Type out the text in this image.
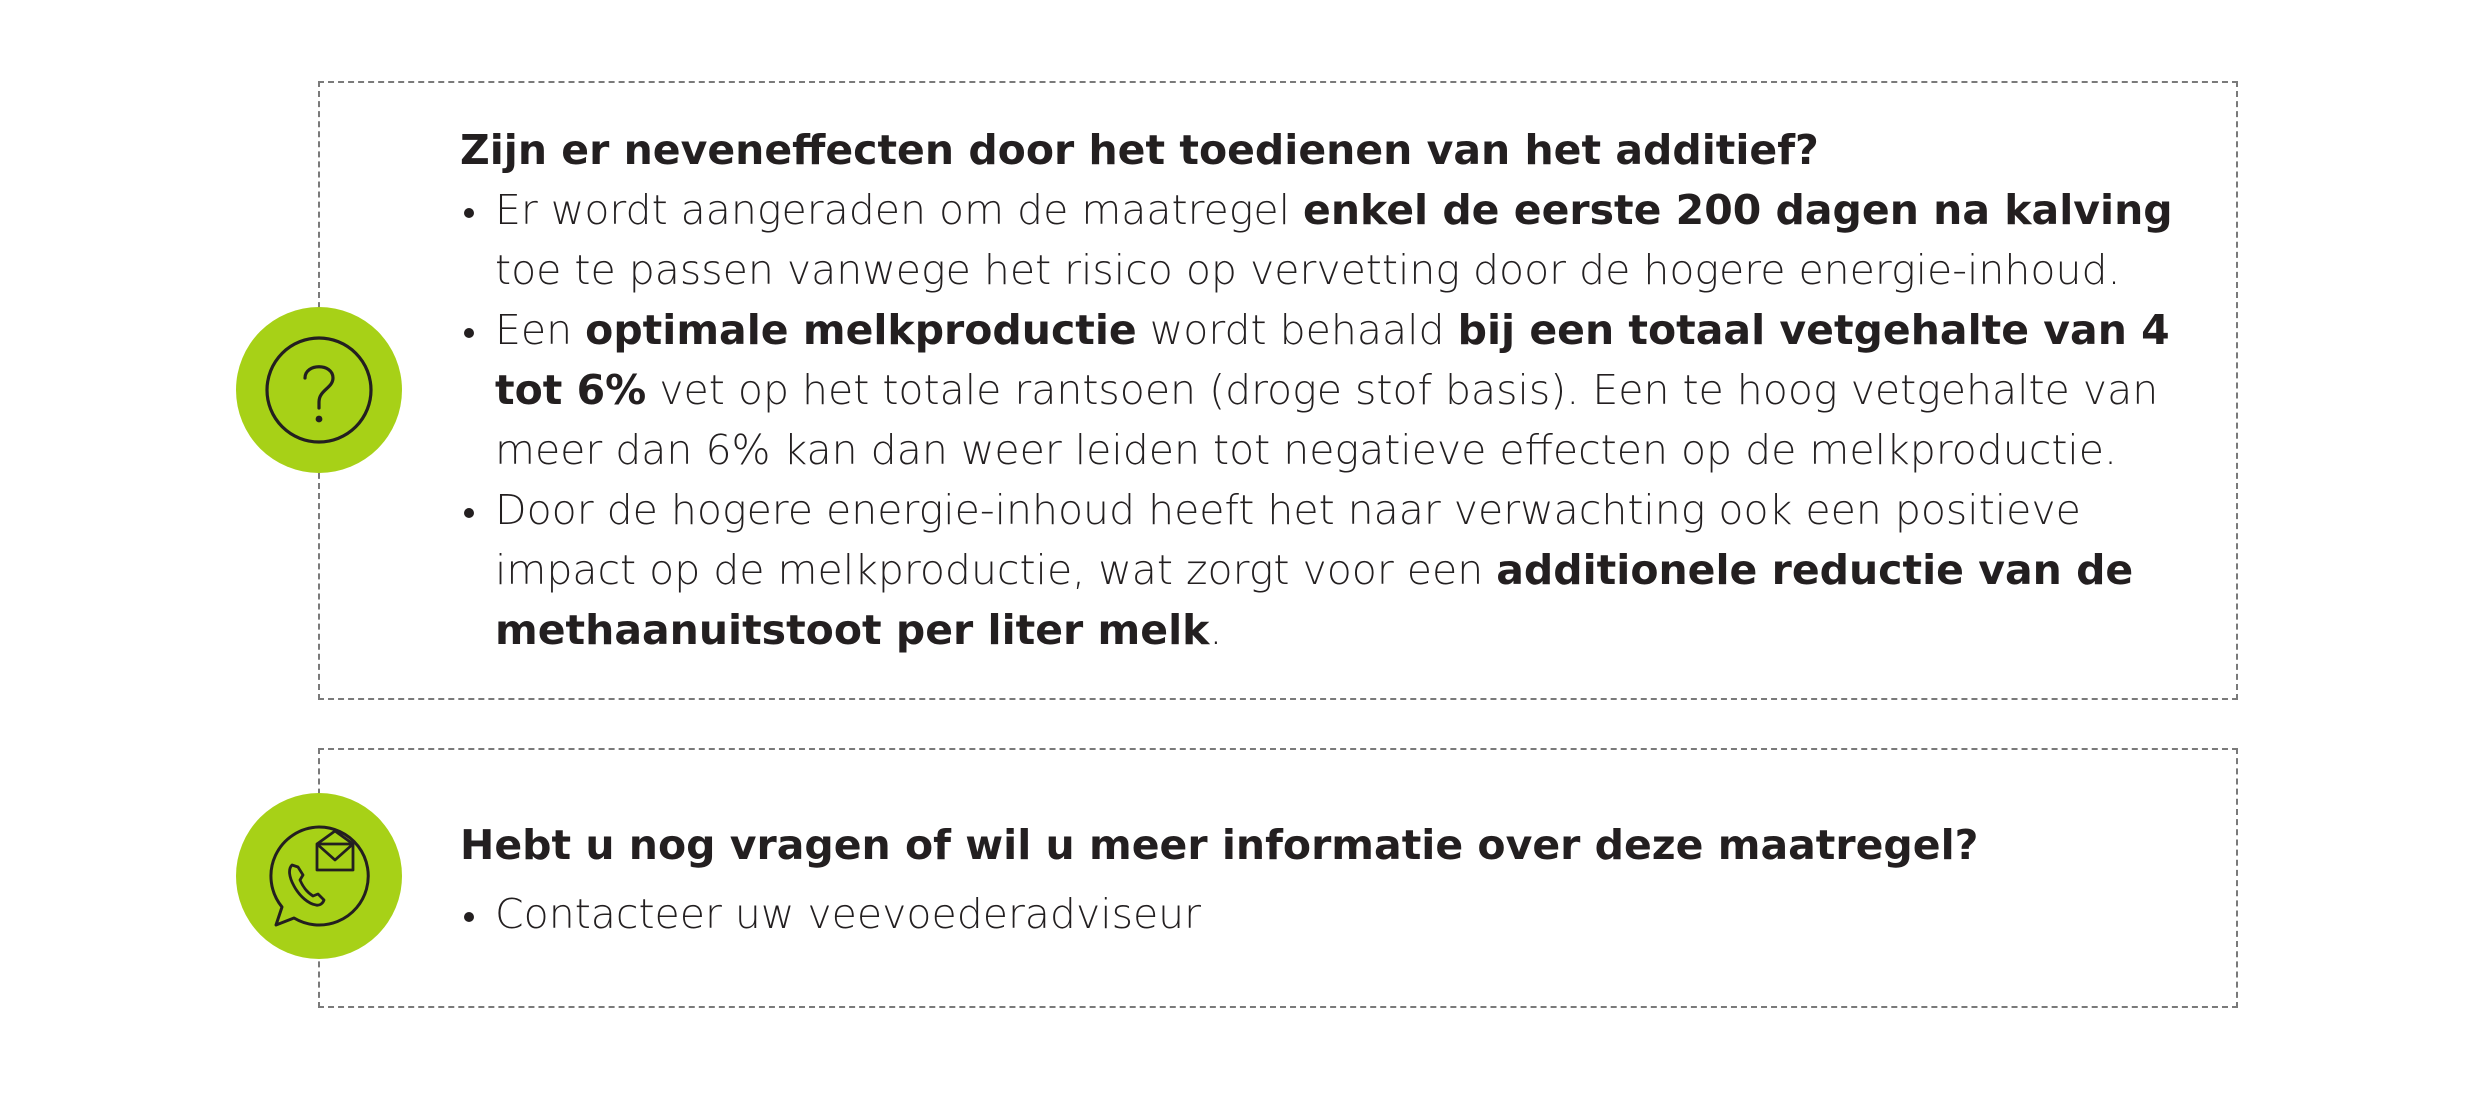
Zijn er neveneffecten door het toedienen van het additief?

Er wordt aangeraden om de maatregel enkel de eerste 200 dagen na kalving toe te passen vanwege het risico op vervetting door de hogere energie-inhoud.
Een optimale melkproductie wordt behaald bij een totaal vetgehalte van 4 tot 6% vet op het totale rantsoen (droge stof basis). Een te hoog vetgehalte van meer dan 6% kan dan weer leiden tot negatieve effecten op de melkproductie.
Door de hogere energie-inhoud heeft het naar verwachting ook een positieve impact op de melkproductie, wat zorgt voor een additionele reductie van de methaanuitstoot per liter melk.

Hebt u nog vragen of wil u meer informatie over deze maatregel?

Contacteer uw veevoederadviseur
